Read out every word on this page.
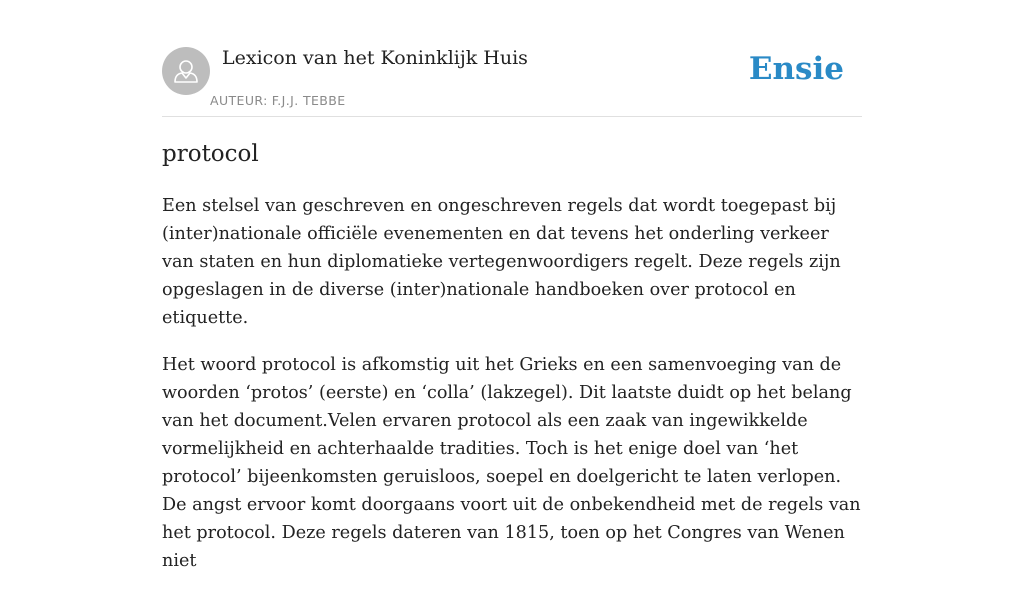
Lexicon van het Koninklijk Huis
AUTEUR: F.J.J. TEBBE
Ensie
protocol

Een stelsel van geschreven en ongeschreven regels dat wordt toegepast bij (inter)nationale officiële evenementen en dat tevens het onderling verkeer van staten en hun diplomatieke vertegenwoordigers regelt. Deze regels zijn opgeslagen in de diverse (inter)nationale handboeken over protocol en etiquette.

Het woord protocol is afkomstig uit het Grieks en een samenvoeging van de woorden ‘protos’ (eerste) en ‘colla’ (lakzegel). Dit laatste duidt op het belang van het document.Velen ervaren protocol als een zaak van ingewikkelde vormelijkheid en achterhaalde tradities. Toch is het enige doel van ‘het protocol’ bijeenkomsten geruisloos, soepel en doelgericht te laten verlopen. De angst ervoor komt doorgaans voort uit de onbekendheid met de regels van het protocol. Deze regels dateren van 1815, toen op het Congres van Wenen niet
